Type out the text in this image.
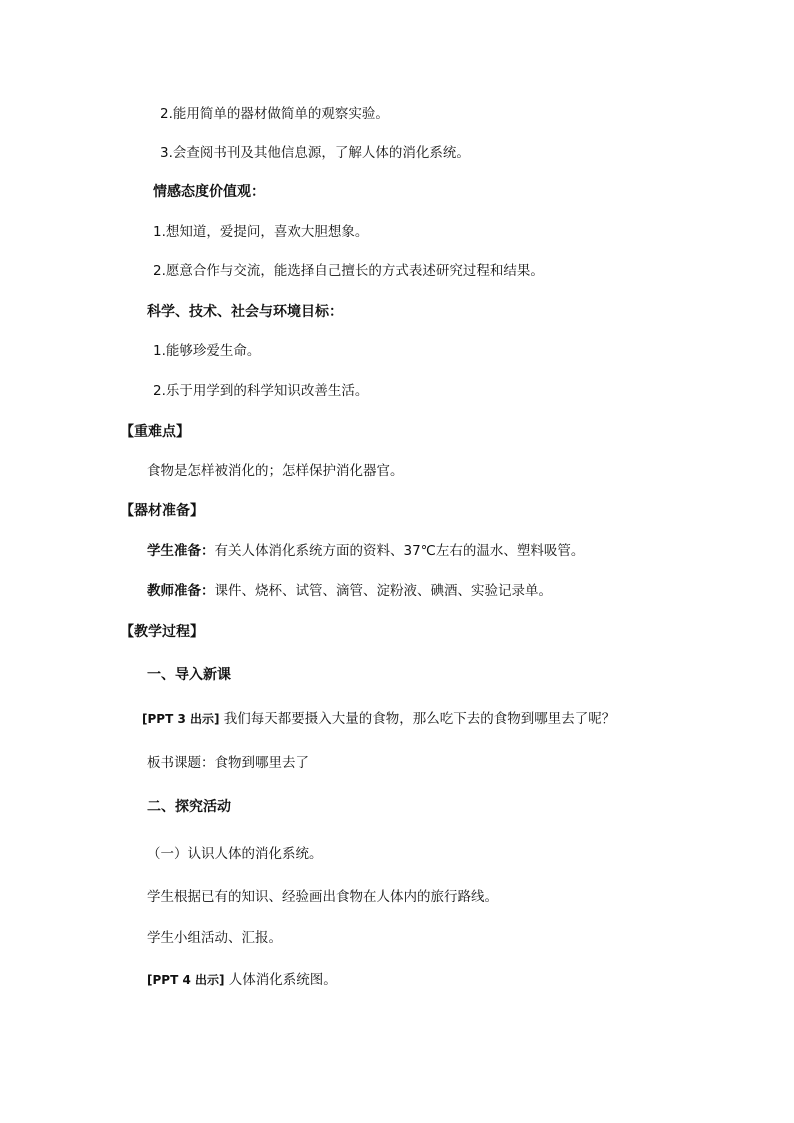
2.能用简单的器材做简单的观察实验。
3.会查阅书刊及其他信息源，了解人体的消化系统。
情感态度价值观：
1.想知道，爱提问，喜欢大胆想象。
2.愿意合作与交流，能选择自己擅长的方式表述研究过程和结果。
科学、技术、社会与环境目标：
1.能够珍爱生命。
2.乐于用学到的科学知识改善生活。
【重难点】
食物是怎样被消化的；怎样保护消化器官。
【器材准备】
学生准备：有关人体消化系统方面的资料、37℃左右的温水、塑料吸管。
教师准备：课件、烧杯、试管、滴管、淀粉液、碘酒、实验记录单。
【教学过程】
一、导入新课
[PPT 3 出示] 我们每天都要摄入大量的食物，那么吃下去的食物到哪里去了呢？
板书课题：食物到哪里去了
二、探究活动
（一）认识人体的消化系统。
学生根据已有的知识、经验画出食物在人体内的旅行路线。
学生小组活动、汇报。
[PPT 4 出示] 人体消化系统图。
